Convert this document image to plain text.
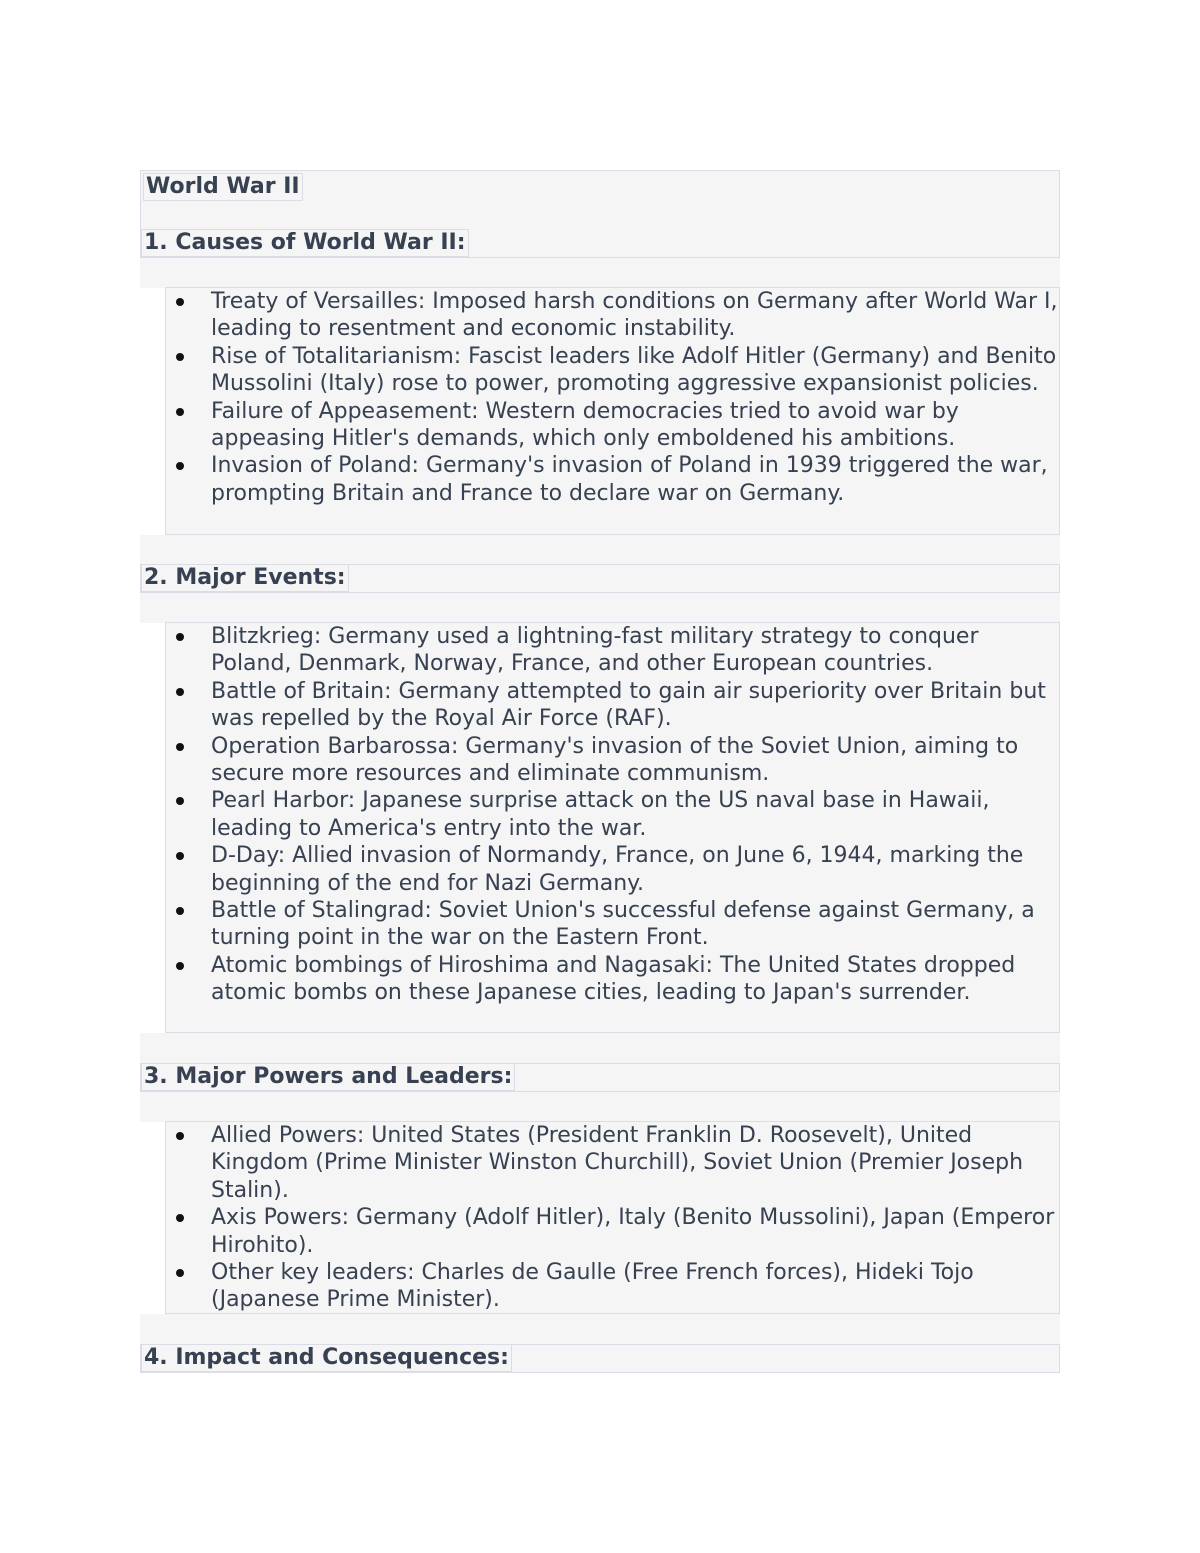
World War II
1. Causes of World War II:
Treaty of Versailles: Imposed harsh conditions on Germany after World War I, leading to resentment and economic instability.
Rise of Totalitarianism: Fascist leaders like Adolf Hitler (Germany) and Benito Mussolini (Italy) rose to power, promoting aggressive expansionist policies.
Failure of Appeasement: Western democracies tried to avoid war by appeasing Hitler's demands, which only emboldened his ambitions.
Invasion of Poland: Germany's invasion of Poland in 1939 triggered the war, prompting Britain and France to declare war on Germany.
2. Major Events:
Blitzkrieg: Germany used a lightning-fast military strategy to conquer Poland, Denmark, Norway, France, and other European countries.
Battle of Britain: Germany attempted to gain air superiority over Britain but was repelled by the Royal Air Force (RAF).
Operation Barbarossa: Germany's invasion of the Soviet Union, aiming to secure more resources and eliminate communism.
Pearl Harbor: Japanese surprise attack on the US naval base in Hawaii, leading to America's entry into the war.
D-Day: Allied invasion of Normandy, France, on June 6, 1944, marking the beginning of the end for Nazi Germany.
Battle of Stalingrad: Soviet Union's successful defense against Germany, a turning point in the war on the Eastern Front.
Atomic bombings of Hiroshima and Nagasaki: The United States dropped atomic bombs on these Japanese cities, leading to Japan's surrender.
3. Major Powers and Leaders:
Allied Powers: United States (President Franklin D. Roosevelt), United Kingdom (Prime Minister Winston Churchill), Soviet Union (Premier Joseph Stalin).
Axis Powers: Germany (Adolf Hitler), Italy (Benito Mussolini), Japan (Emperor Hirohito).
Other key leaders: Charles de Gaulle (Free French forces), Hideki Tojo (Japanese Prime Minister).
4. Impact and Consequences:
